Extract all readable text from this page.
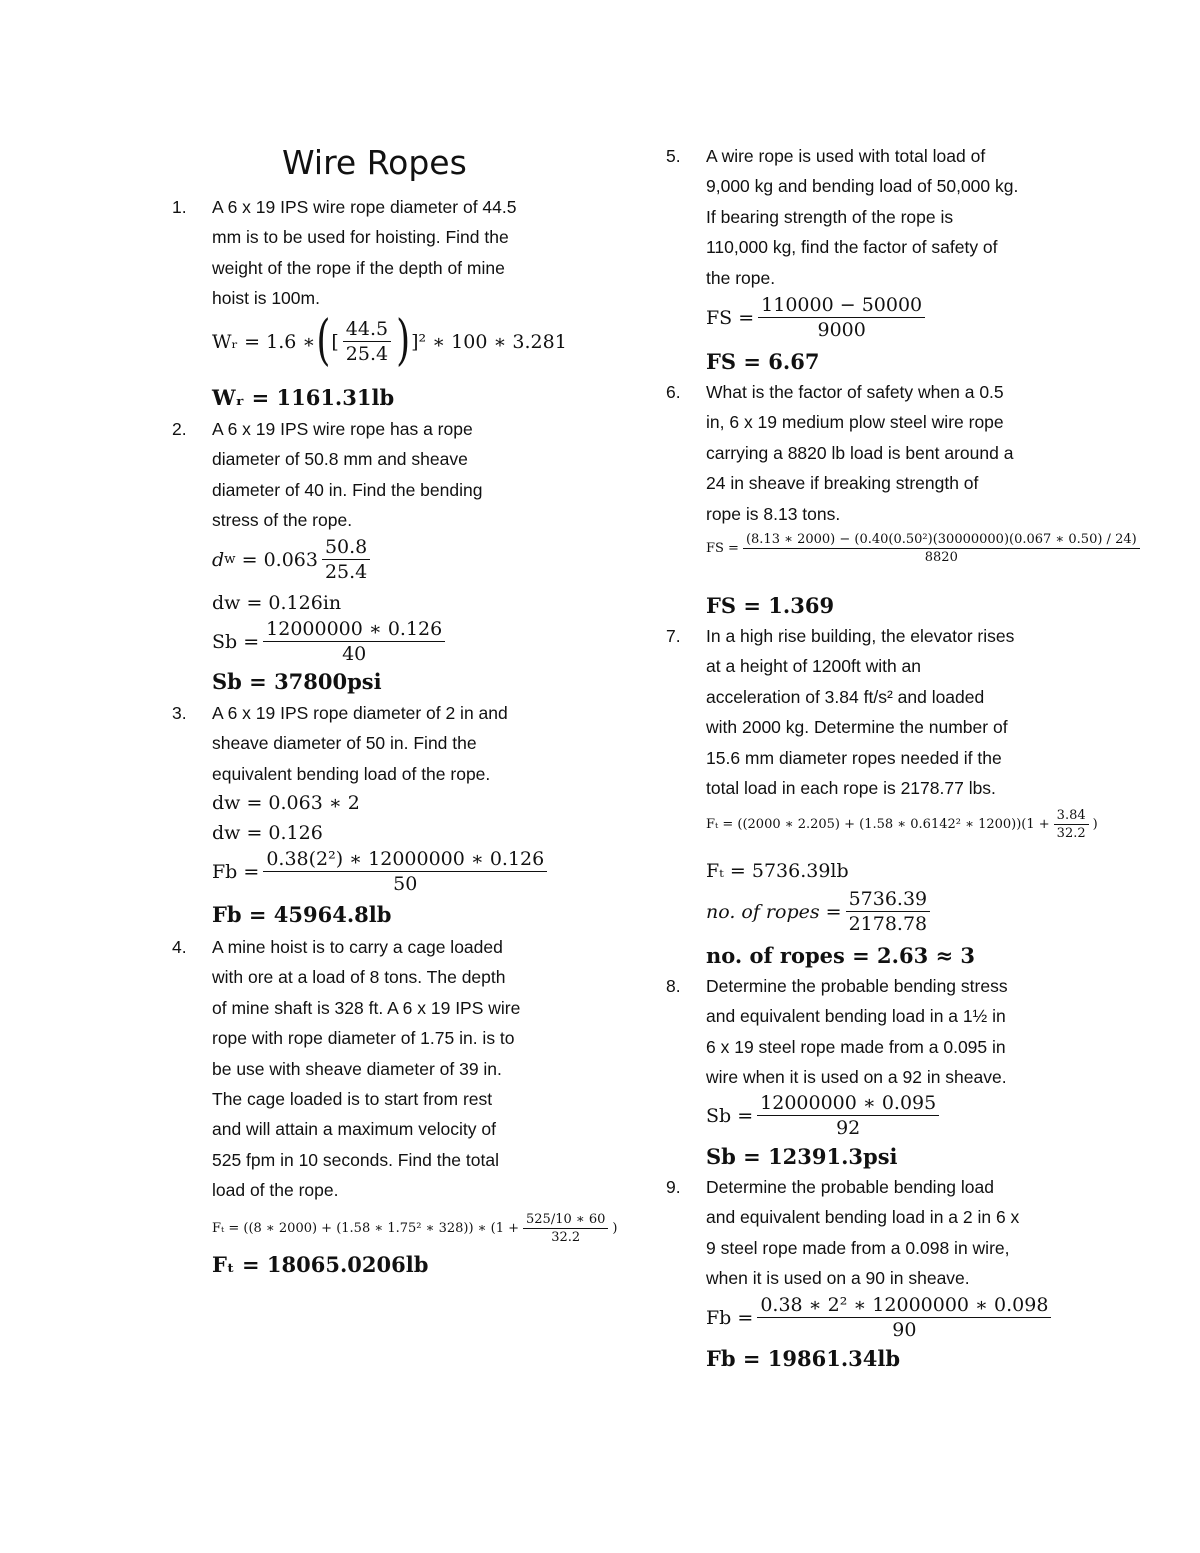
Wire Ropes
1.	A 6 x 19 IPS wire rope diameter of 44.5
mm is to be used for hoisting. Find the
weight of the rope if the depth of mine
hoist is 100m.
2.	A 6 x 19 IPS wire rope has a rope
diameter of 50.8 mm and sheave
diameter of 40 in. Find the bending
stress of the rope.
3.	A 6 x 19 IPS rope diameter of 2 in and
sheave diameter of 50 in. Find the
equivalent bending load of the rope.
4.	A mine hoist is to carry a cage loaded
with ore at a load of 8 tons. The depth
of mine shaft is 328 ft. A 6 x 19 IPS wire
rope with rope diameter of 1.75 in. is to
be use with sheave diameter of 39 in.
The cage loaded is to start from rest
and will attain a maximum velocity of
525 fpm in 10 seconds. Find the total
load of the rope.
5.	A wire rope is used with total load of
9,000 kg and bending load of 50,000 kg.
If bearing strength of the rope is
110,000 kg, find the factor of safety of
the rope.
6.	What is the factor of safety when a 0.5
in, 6 x 19 medium plow steel wire rope
carrying a 8820 lb load is bent around a
24 in sheave if breaking strength of
rope is 8.13 tons.
7.	In a high rise building, the elevator rises
at a height of 1200ft with an
acceleration of 3.84 ft/s² and loaded
with 2000 kg. Determine the number of
15.6 mm diameter ropes needed if the
total load in each rope is 2178.77 lbs.
8.	Determine the probable bending stress
and equivalent bending load in a 1½ in
6 x 19 steel rope made from a 0.095 in
wire when it is used on a 92 in sheave.
9.	Determine the probable bending load
and equivalent bending load in a 2 in 6 x
9 steel rope made from a 0.098 in wire,
when it is used on a 90 in sheave.
Wᵣ =
1.6 ∗ ( [ $\frac{44.5}{25.4}$ ) ]² ∗ 100 ∗ 3.281
Wᵣ = 1161.31lb
d w
= $0.063 \frac{50.8}{25.4}$
dw = 0.126in
$Sb = \frac{12000000 ∗ 0.126}{40}$
Sb = 37800psi
dw = 0.063 ∗ 2
dw = 0.126
$Fb = \frac{\text{0.38(2²) ∗ 12000000 ∗ 0.126}}{50}$
Fb = 45964.8lb
Fₜ = ((8 ∗ 2000) + (1.58 ∗ 1.75² ∗ 328)) ∗ ($1 + \frac{525/10 ∗ 60}{32.2}$ )
Fₜ = 18065.0206lb
FS = $\frac{110000 - 50000}{9000}$
FS = 6.67
FS = $\frac{\text{(8.13 ∗ 2000) − (0.40(0.50²)(30000000)(0.067 ∗ 0.50) / 24)}}{8820}$
FS = 1.369
Fₜ = ((2000 ∗ 2.205) + (1.58 ∗ 0.6142² ∗ $1200))(1 + \frac{3.84}{32.2}$ )
Fₜ = 5736.39lb
no. of ropes = $\frac{5736.39}{2178.78}$
no. of ropes = 2.63 ≈ 3
$Sb = \frac{12000000 ∗ 0.095}{92}$
Sb = 12391.3psi
$Fb = \frac{\text{0.38 ∗ 2² ∗ 12000000 ∗ 0.098}}{90}$
Fb = 19861.34lb
